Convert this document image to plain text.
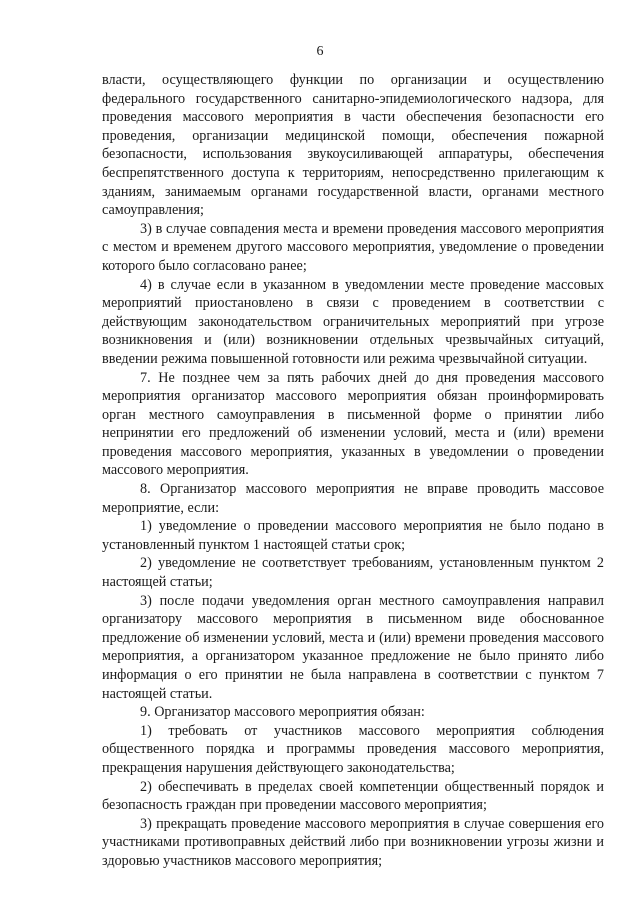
6

власти, осуществляющего функции по организации и осуществлению федерального государственного санитарно-эпидемиологического надзора, для проведения массового мероприятия в части обеспечения безопасности его проведения, организации медицинской помощи, обеспечения пожарной безопасности, использования звукоусиливающей аппаратуры, обеспечения беспрепятственного доступа к территориям, непосредственно прилегающим к зданиям, занимаемым органами государственной власти, органами местного самоуправления;

3) в случае совпадения места и времени проведения массового мероприятия с местом и временем другого массового мероприятия, уведомление о проведении которого было согласовано ранее;

4) в случае если в указанном в уведомлении месте проведение массовых мероприятий приостановлено в связи с проведением в соответствии с действующим законодательством ограничительных мероприятий при угрозе возникновения и (или) возникновении отдельных чрезвычайных ситуаций, введении режима повышенной готовности или режима чрезвычайной ситуации.

7. Не позднее чем за пять рабочих дней до дня проведения массового мероприятия организатор массового мероприятия обязан проинформировать орган местного самоуправления в письменной форме о принятии либо непринятии его предложений об изменении условий, места и (или) времени проведения массового мероприятия, указанных в уведомлении о проведении массового мероприятия.

8. Организатор массового мероприятия не вправе проводить массовое мероприятие, если:

1) уведомление о проведении массового мероприятия не было подано в установленный пунктом 1 настоящей статьи срок;

2) уведомление не соответствует требованиям, установленным пунктом 2 настоящей статьи;

3) после подачи уведомления орган местного самоуправления направил организатору массового мероприятия в письменном виде обоснованное предложение об изменении условий, места и (или) времени проведения массового мероприятия, а организатором указанное предложение не было принято либо информация о его принятии не была направлена в соответствии с пунктом 7 настоящей статьи.

9. Организатор массового мероприятия обязан:

1) требовать от участников массового мероприятия соблюдения общественного порядка и программы проведения массового мероприятия, прекращения нарушения действующего законодательства;

2) обеспечивать в пределах своей компетенции общественный порядок и безопасность граждан при проведении массового мероприятия;

3) прекращать проведение массового мероприятия в случае совершения его участниками противоправных действий либо при возникновении угрозы жизни и здоровью участников массового мероприятия;
